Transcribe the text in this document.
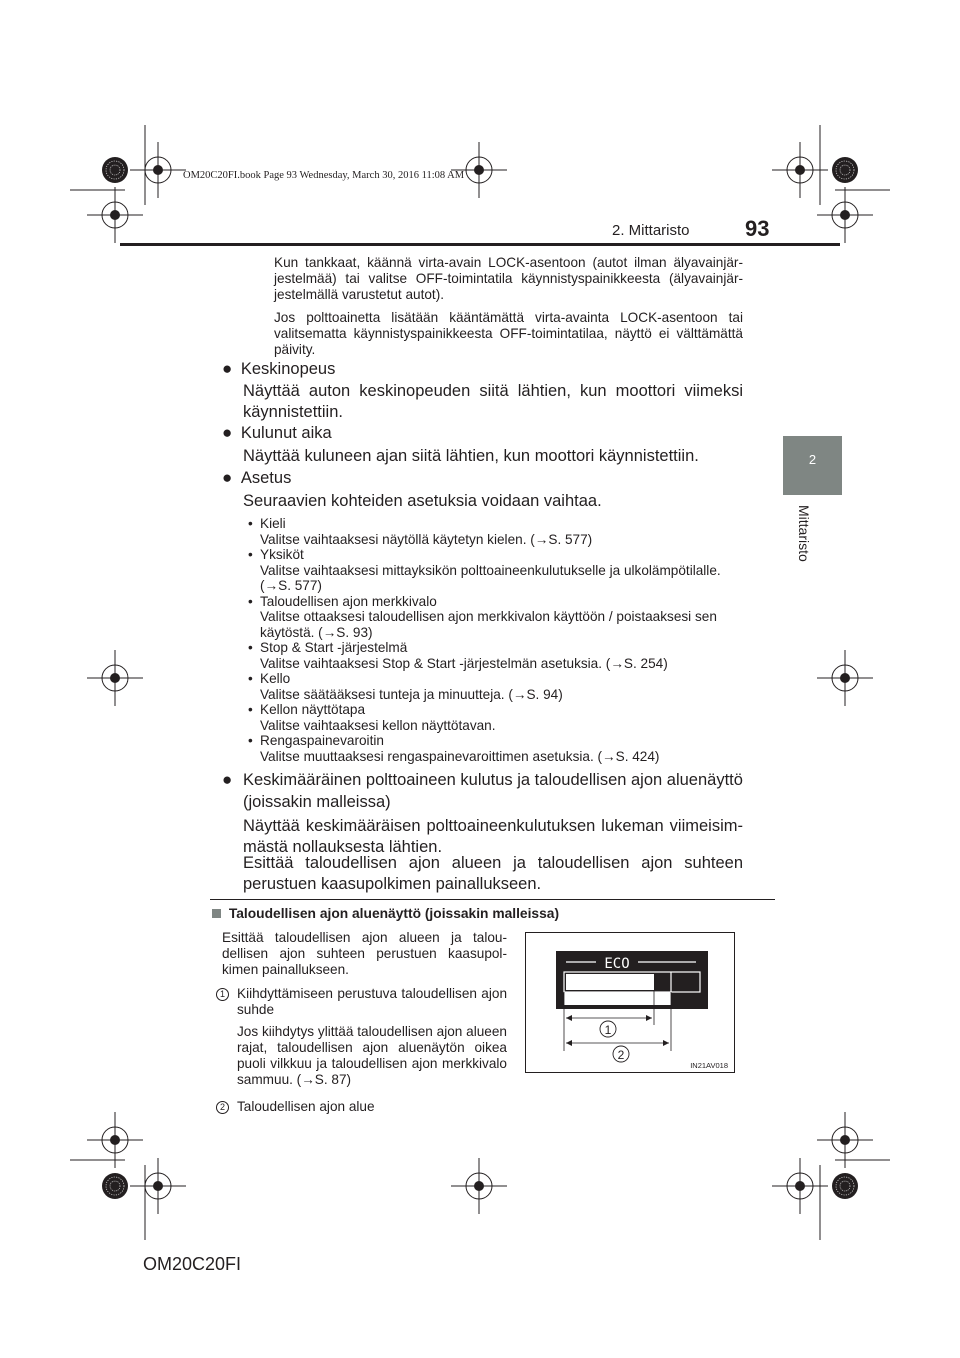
OM20C20FI.book Page 93 Wednesday, March 30, 2016 11:08 AM
2. Mittaristo	93
2
Mittaristo
Kun tankkaat, käännä virta-avain LOCK-asentoon (autot ilman älyavainjärjestelmää) tai valitse OFF-toimintatila käynnistyspainikkeesta (älyavainjärjestelmällä varustetut autot).
Jos polttoainetta lisätään kääntämättä virta-avainta LOCK-asentoon tai valitsematta käynnistyspainikkeesta OFF-toimintatilaa, näyttö ei välttämättä päivity.
● Keskinopeus
Näyttää auton keskinopeuden siitä lähtien, kun moottori viimeksi käynnistettiin.
● Kulunut aika
Näyttää kuluneen ajan siitä lähtien, kun moottori käynnistettiin.
● Asetus
Seuraavien kohteiden asetuksia voidaan vaihtaa.
• Kieli
Valitse vaihtaaksesi näytöllä käytetyn kielen. (→S. 577)
• Yksiköt
Valitse vaihtaaksesi mittayksikön polttoaineenkulutukselle ja ulkolämpötilalle. (→S. 577)
• Taloudellisen ajon merkkivalo
Valitse ottaaksesi taloudellisen ajon merkkivalon käyttöön / poistaaksesi sen käytöstä. (→S. 93)
• Stop & Start -järjestelmä
Valitse vaihtaaksesi Stop & Start -järjestelmän asetuksia. (→S. 254)
• Kello
Valitse säätääksesi tunteja ja minuutteja. (→S. 94)
• Kellon näyttötapa
Valitse vaihtaaksesi kellon näyttötavan.
• Rengaspainevaroitin
Valitse muuttaaksesi rengaspainevaroittimen asetuksia. (→S. 424)
● Keskimääräinen polttoaineen kulutus ja taloudellisen ajon aluenäyttö (joissakin malleissa)
Näyttää keskimääräisen polttoaineenkulutuksen lukeman viimeisimmästä nollauksesta lähtien.
Esittää taloudellisen ajon alueen ja taloudellisen ajon suhteen perustuen kaasupolkimen painallukseen.
Taloudellisen ajon aluenäyttö (joissakin malleissa)
Esittää taloudellisen ajon alueen ja taloudellisen ajon suhteen perustuen kaasupolkimen painallukseen.
1 Kiihdyttämiseen perustuva taloudellisen ajon suhde
Jos kiihdytys ylittää taloudellisen ajon alueen rajat, taloudellisen ajon aluenäytön oikea puoli vilkkuu ja taloudellisen ajon merkkivalo sammuu. (→S. 87)
2 Taloudellisen ajon alue
ECO
1
2
IN21AV018
OM20C20FI
